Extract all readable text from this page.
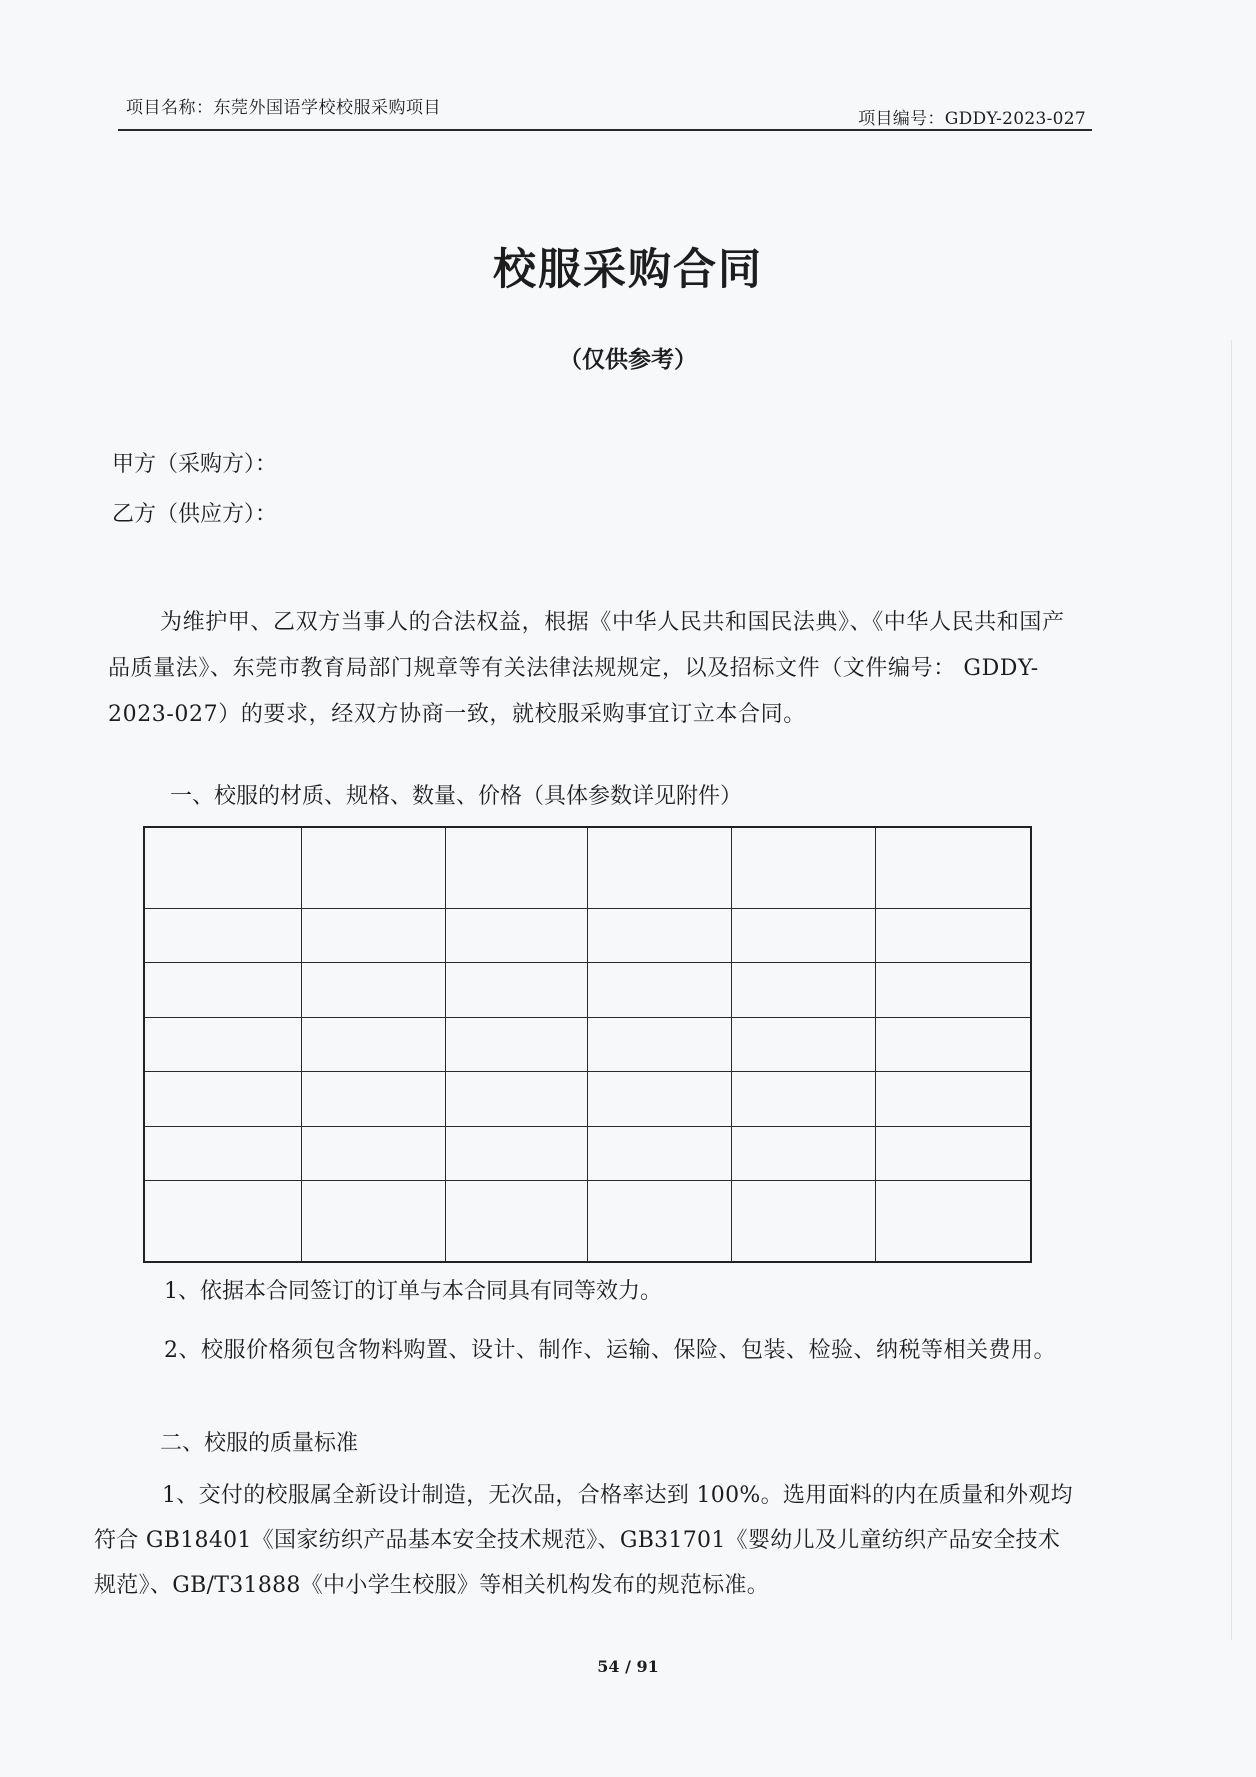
项目名称：东莞外国语学校校服采购项目
项目编号：GDDY-2023-027
校服采购合同
（仅供参考）
甲方（采购方）：
乙方（供应方）：
为维护甲、乙双方当事人的合法权益，根据《中华人民共和国民法典》、《中华人民共和国产品质量法》、东莞市教育局部门规章等有关法律法规规定，以及招标文件（文件编号： GDDY-2023-027）的要求，经双方协商一致，就校服采购事宜订立本合同。
一、校服的材质、规格、数量、价格（具体参数详见附件）

1、依据本合同签订的订单与本合同具有同等效力。
2、校服价格须包含物料购置、设计、制作、运输、保险、包装、检验、纳税等相关费用。
二、校服的质量标准
1、交付的校服属全新设计制造，无次品，合格率达到 100%。选用面料的内在质量和外观均符合 GB18401《国家纺织产品基本安全技术规范》、GB31701《婴幼儿及儿童纺织产品安全技术规范》、GB/T31888《中小学生校服》等相关机构发布的规范标准。
54 / 91
